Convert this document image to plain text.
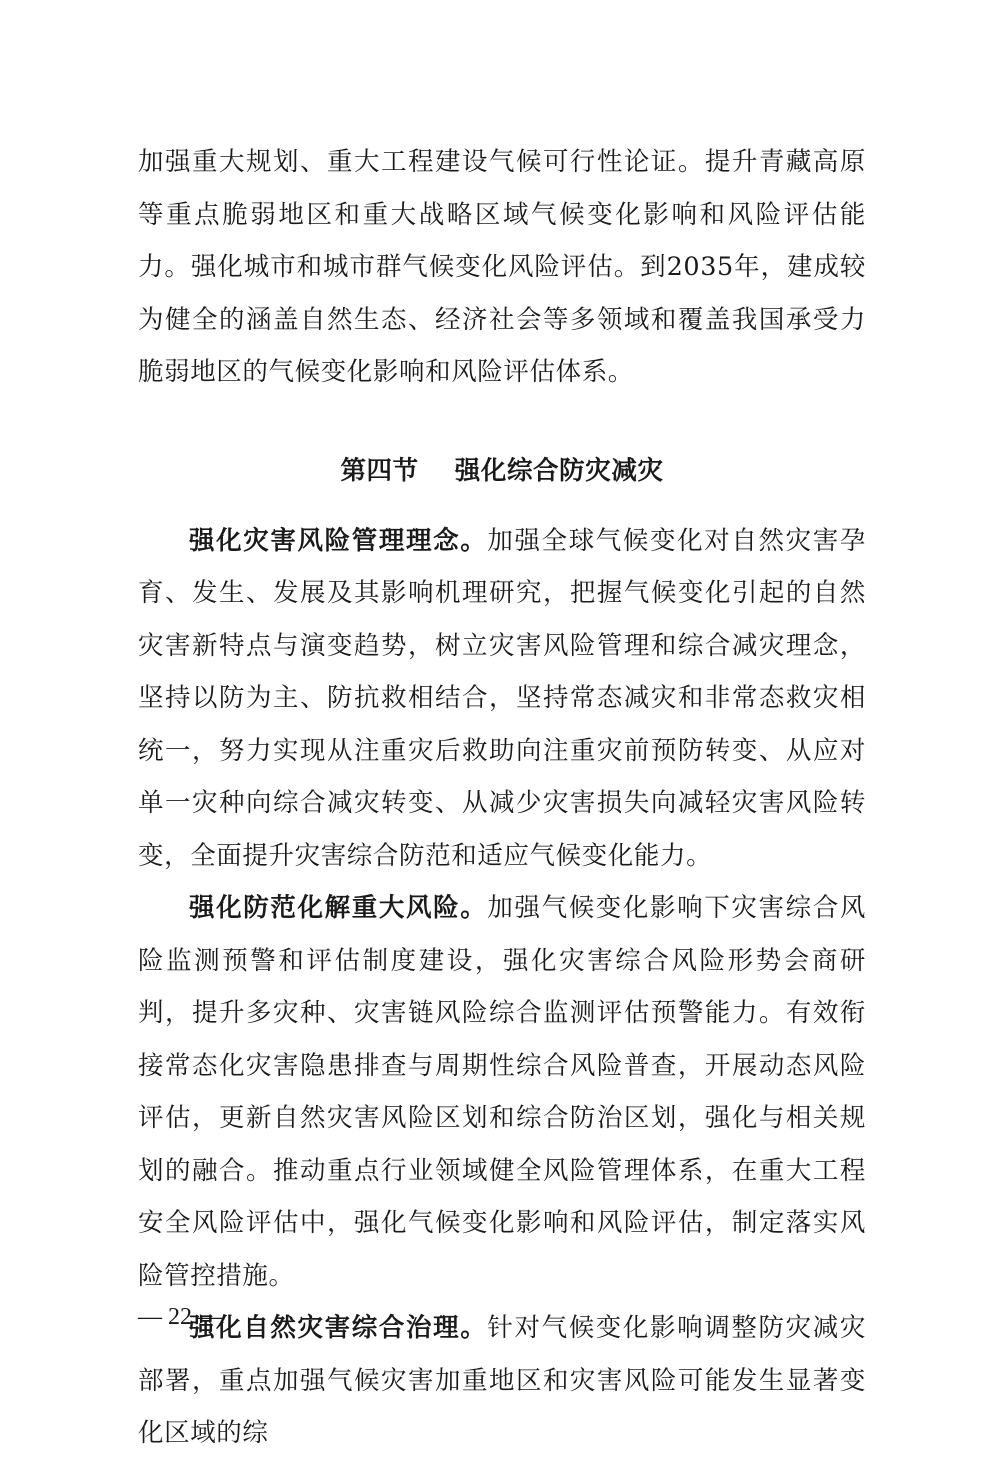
加强重大规划、重大工程建设气候可行性论证。提升青藏高原等重点脆弱地区和重大战略区域气候变化影响和风险评估能力。强化城市和城市群气候变化风险评估。到2035年，建成较为健全的涵盖自然生态、经济社会等多领域和覆盖我国承受力脆弱地区的气候变化影响和风险评估体系。

第四节 强化综合防灾减灾

强化灾害风险管理理念。加强全球气候变化对自然灾害孕育、发生、发展及其影响机理研究，把握气候变化引起的自然灾害新特点与演变趋势，树立灾害风险管理和综合减灾理念，坚持以防为主、防抗救相结合，坚持常态减灾和非常态救灾相统一，努力实现从注重灾后救助向注重灾前预防转变、从应对单一灾种向综合减灾转变、从减少灾害损失向减轻灾害风险转变，全面提升灾害综合防范和适应气候变化能力。

强化防范化解重大风险。加强气候变化影响下灾害综合风险监测预警和评估制度建设，强化灾害综合风险形势会商研判，提升多灾种、灾害链风险综合监测评估预警能力。有效衔接常态化灾害隐患排查与周期性综合风险普查，开展动态风险评估，更新自然灾害风险区划和综合防治区划，强化与相关规划的融合。推动重点行业领域健全风险管理体系，在重大工程安全风险评估中，强化气候变化影响和风险评估，制定落实风险管控措施。

强化自然灾害综合治理。针对气候变化影响调整防灾减灾部署，重点加强气候灾害加重地区和灾害风险可能发生显著变化区域的综

— 22 —
